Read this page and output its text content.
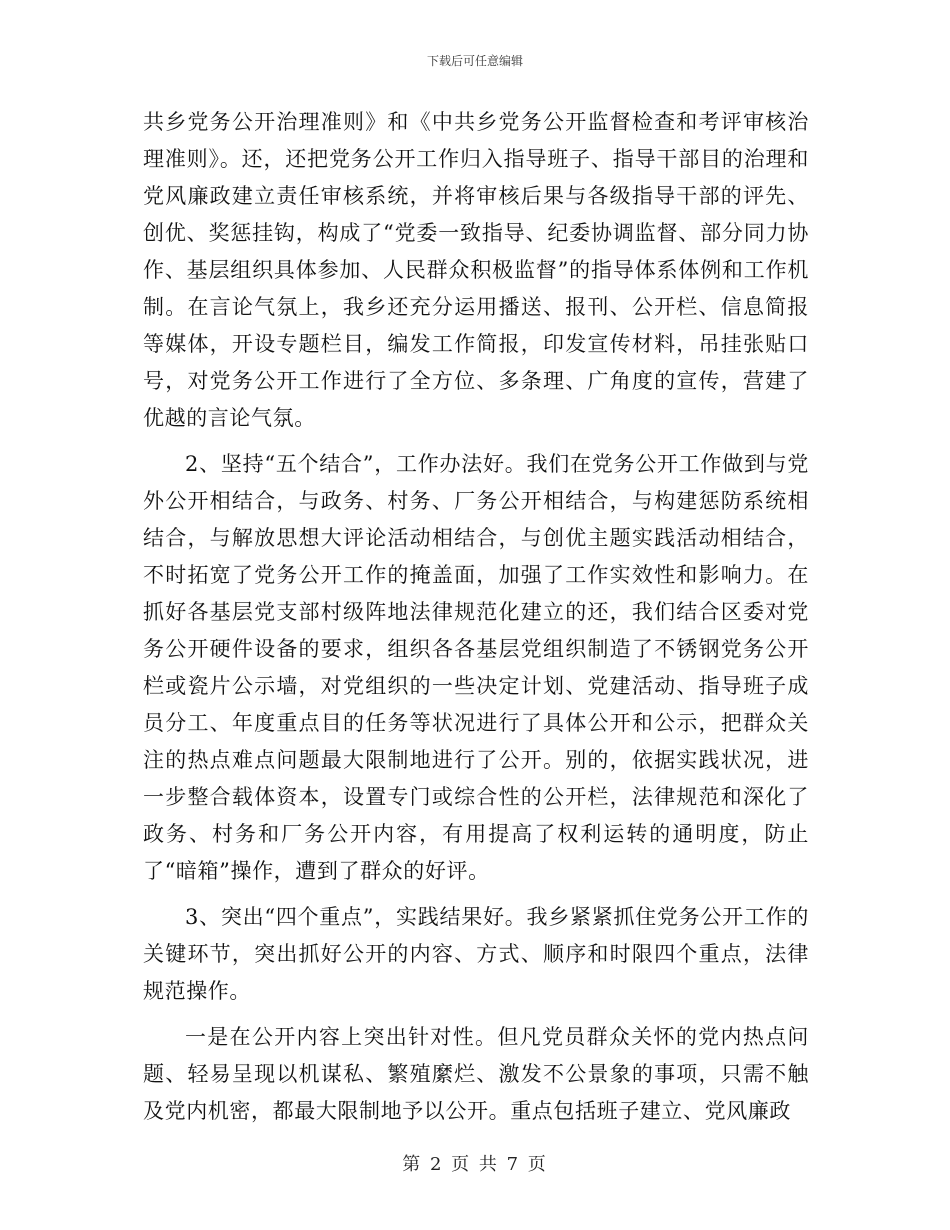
下载后可任意编辑

共乡党务公开治理准则》和《中共乡党务公开监督检查和考评审核治理准则》。还，还把党务公开工作归入指导班子、指导干部目的治理和党风廉政建立责任审核系统，并将审核后果与各级指导干部的评先、创优、奖惩挂钩，构成了“党委一致指导、纪委协调监督、部分同力协作、基层组织具体参加、人民群众积极监督”的指导体系体例和工作机制。在言论气氛上，我乡还充分运用播送、报刊、公开栏、信息简报等媒体，开设专题栏目，编发工作简报，印发宣传材料，吊挂张贴口号，对党务公开工作进行了全方位、多条理、广角度的宣传，营建了优越的言论气氛。

2、坚持“五个结合”，工作办法好。我们在党务公开工作做到与党外公开相结合，与政务、村务、厂务公开相结合，与构建惩防系统相结合，与解放思想大评论活动相结合，与创优主题实践活动相结合，不时拓宽了党务公开工作的掩盖面，加强了工作实效性和影响力。在抓好各基层党支部村级阵地法律规范化建立的还，我们结合区委对党务公开硬件设备的要求，组织各各基层党组织制造了不锈钢党务公开栏或瓷片公示墙，对党组织的一些决定计划、党建活动、指导班子成员分工、年度重点目的任务等状况进行了具体公开和公示，把群众关注的热点难点问题最大限制地进行了公开。别的，依据实践状况，进一步整合载体资本，设置专门或综合性的公开栏，法律规范和深化了政务、村务和厂务公开内容，有用提高了权利运转的通明度，防止了“暗箱”操作，遭到了群众的好评。

3、突出“四个重点”，实践结果好。我乡紧紧抓住党务公开工作的关键环节，突出抓好公开的内容、方式、顺序和时限四个重点，法律规范操作。

一是在公开内容上突出针对性。但凡党员群众关怀的党内热点问题、轻易呈现以机谋私、繁殖縻烂、激发不公景象的事项，只需不触及党内机密，都最大限制地予以公开。重点包括班子建立、党风廉政

第 2 页 共 7 页
